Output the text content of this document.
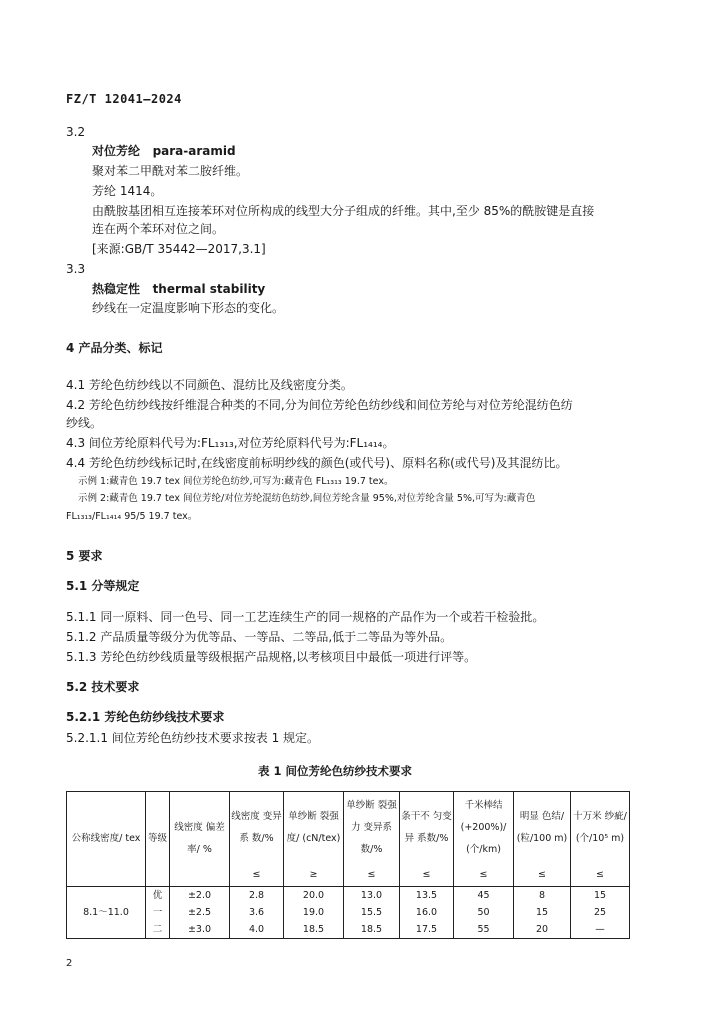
FZ/T 12041—2024
3.2
对位芳纶 para-aramid
聚对苯二甲酰对苯二胺纤维。
芳纶 1414。
由酰胺基团相互连接苯环对位所构成的线型大分子组成的纤维。其中,至少 85%的酰胺键是直接
连在两个苯环对位之间。
[来源:GB/T 35442—2017,3.1]
3.3
热稳定性 thermal stability
纱线在一定温度影响下形态的变化。
4 产品分类、标记
4.1 芳纶色纺纱线以不同颜色、混纺比及线密度分类。
4.2 芳纶色纺纱线按纤维混合种类的不同,分为间位芳纶色纺纱线和间位芳纶与对位芳纶混纺色纺
纱线。
4.3 间位芳纶原料代号为:FL₁₃₁₃,对位芳纶原料代号为:FL₁₄₁₄。
4.4 芳纶色纺纱线标记时,在线密度前标明纱线的颜色(或代号)、原料名称(或代号)及其混纺比。
示例 1:藏青色 19.7 tex 间位芳纶色纺纱,可写为:藏青色 FL₁₃₁₃ 19.7 tex。
示例 2:藏青色 19.7 tex 间位芳纶/对位芳纶混纺色纺纱,间位芳纶含量 95%,对位芳纶含量 5%,可写为:藏青色
FL₁₃₁₃/FL₁₄₁₄ 95/5 19.7 tex。
5 要求
5.1 分等规定
5.1.1 同一原料、同一色号、同一工艺连续生产的同一规格的产品作为一个或若干检验批。
5.1.2 产品质量等级分为优等品、一等品、二等品,低于二等品为等外品。
5.1.3 芳纶色纺纱线质量等级根据产品规格,以考核项目中最低一项进行评等。
5.2 技术要求
5.2.1 芳纶色纺纱线技术要求
5.2.1.1 间位芳纶色纺纱技术要求按表 1 规定。
表 1 间位芳纶色纺纱技术要求
公称线密度/ tex	等级	线密度 偏差率/ %	线密度 变异系 数/%	单纱断 裂强度/ (cN/tex)	单纱断 裂强力 变异系 数/%	条干不 匀变异 系数/%	千米棒结 (+200%)/ (个/km)	明显 色结/ (粒/100 m)	十万米 纱疵/ (个/10⁵ m)
			≤	≥	≤	≤	≤	≤	≤
8.1～11.0	优	±2.0	2.8	20.0	13.0	13.5	45	8	15
	一	±2.5	3.6	19.0	15.5	16.0	50	15	25
	二	±3.0	4.0	18.5	18.5	17.5	55	20	—
2
